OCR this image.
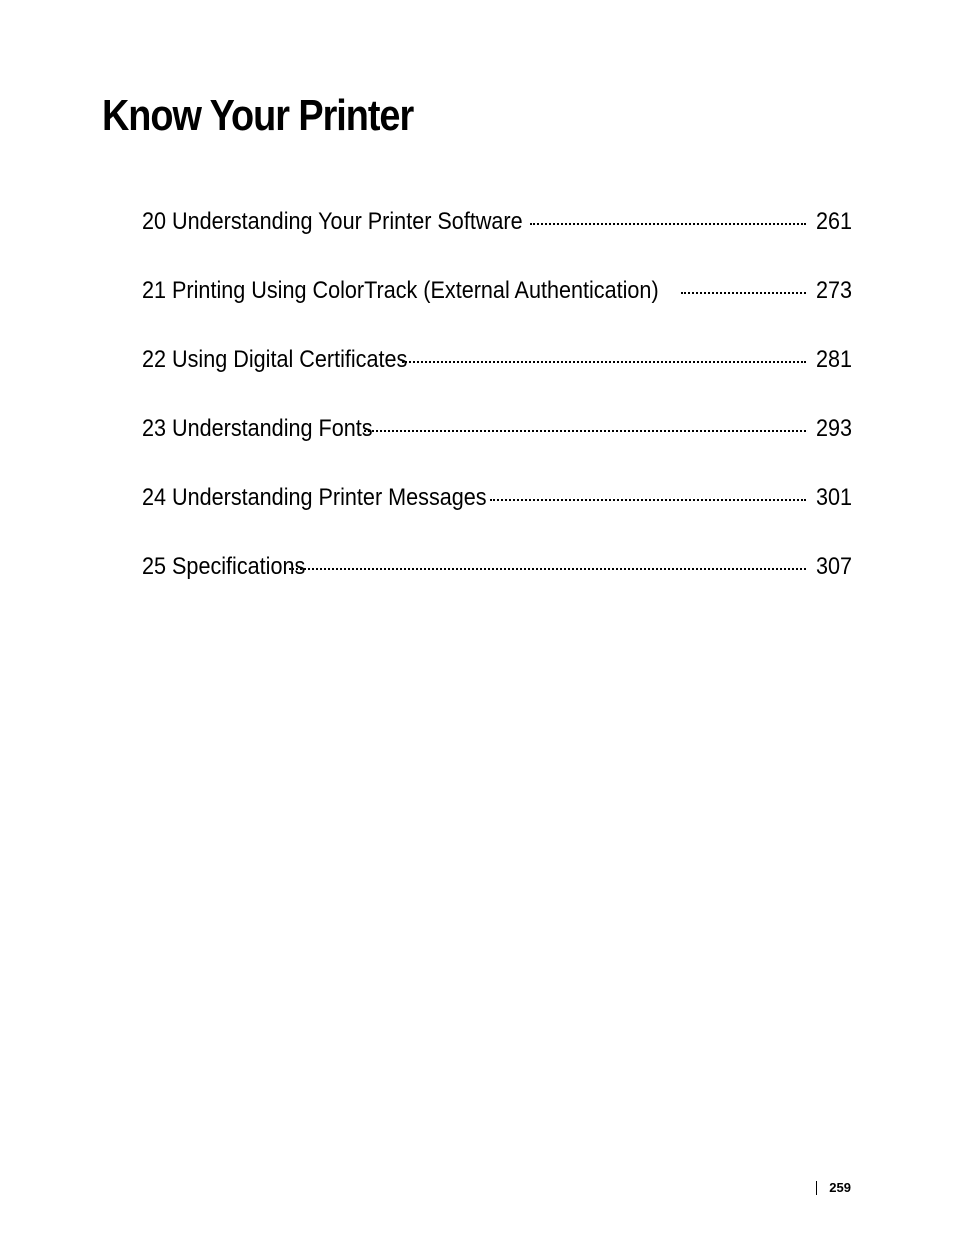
Know Your Printer
20 Understanding Your Printer Software	261
21 Printing Using ColorTrack (External Authentication)	273
22 Using Digital Certificates	281
23 Understanding Fonts	293
24 Understanding Printer Messages	301
25 Specifications	307
259
